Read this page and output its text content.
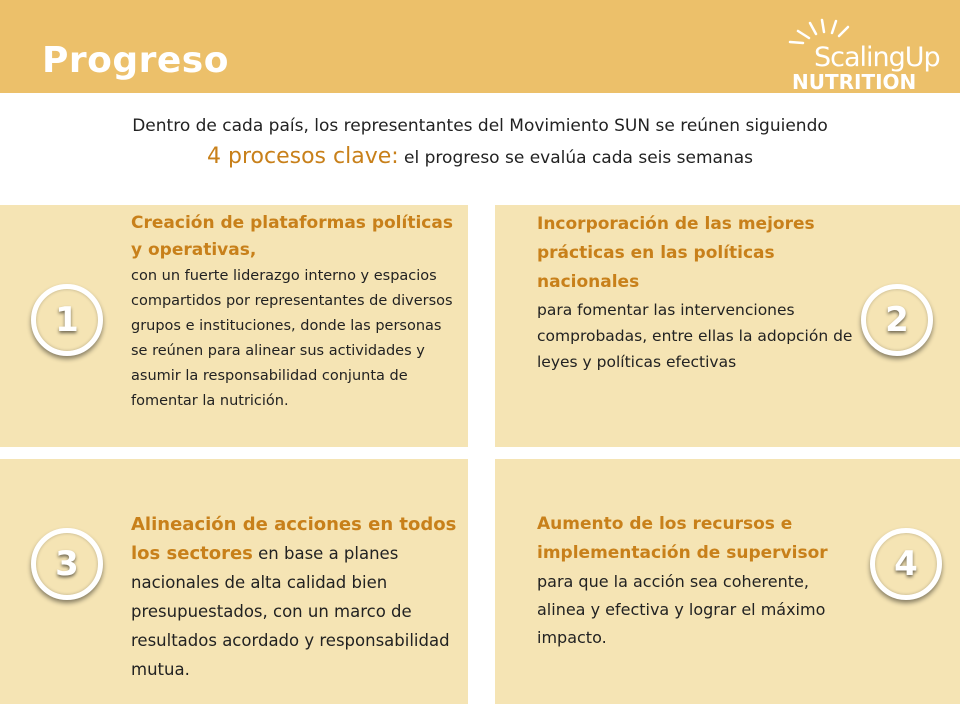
Progreso	ScalingUp
NUTRITION
Dentro de cada país, los representantes del Movimiento SUN se reúnen siguiendo
4 procesos clave: el progreso se evalúa cada seis semanas
1	2
3	4
Creación de plataformas políticas y operativas,
con un fuerte liderazgo interno y espacios compartidos por representantes de diversos grupos e instituciones, donde las personas se reúnen para alinear sus actividades y asumir la responsabilidad conjunta de fomentar la nutrición.
Incorporación de las mejores prácticas en las políticas nacionales
para fomentar las intervenciones comprobadas, entre ellas la adopción de leyes y políticas efectivas
Alineación de acciones en todos los sectores en base a planes nacionales de alta calidad bien presupuestados, con un marco de resultados acordado y responsabilidad mutua.
Aumento de los recursos e implementación de supervisor
para que la acción sea coherente, alinea y efectiva y lograr el máximo impacto.
